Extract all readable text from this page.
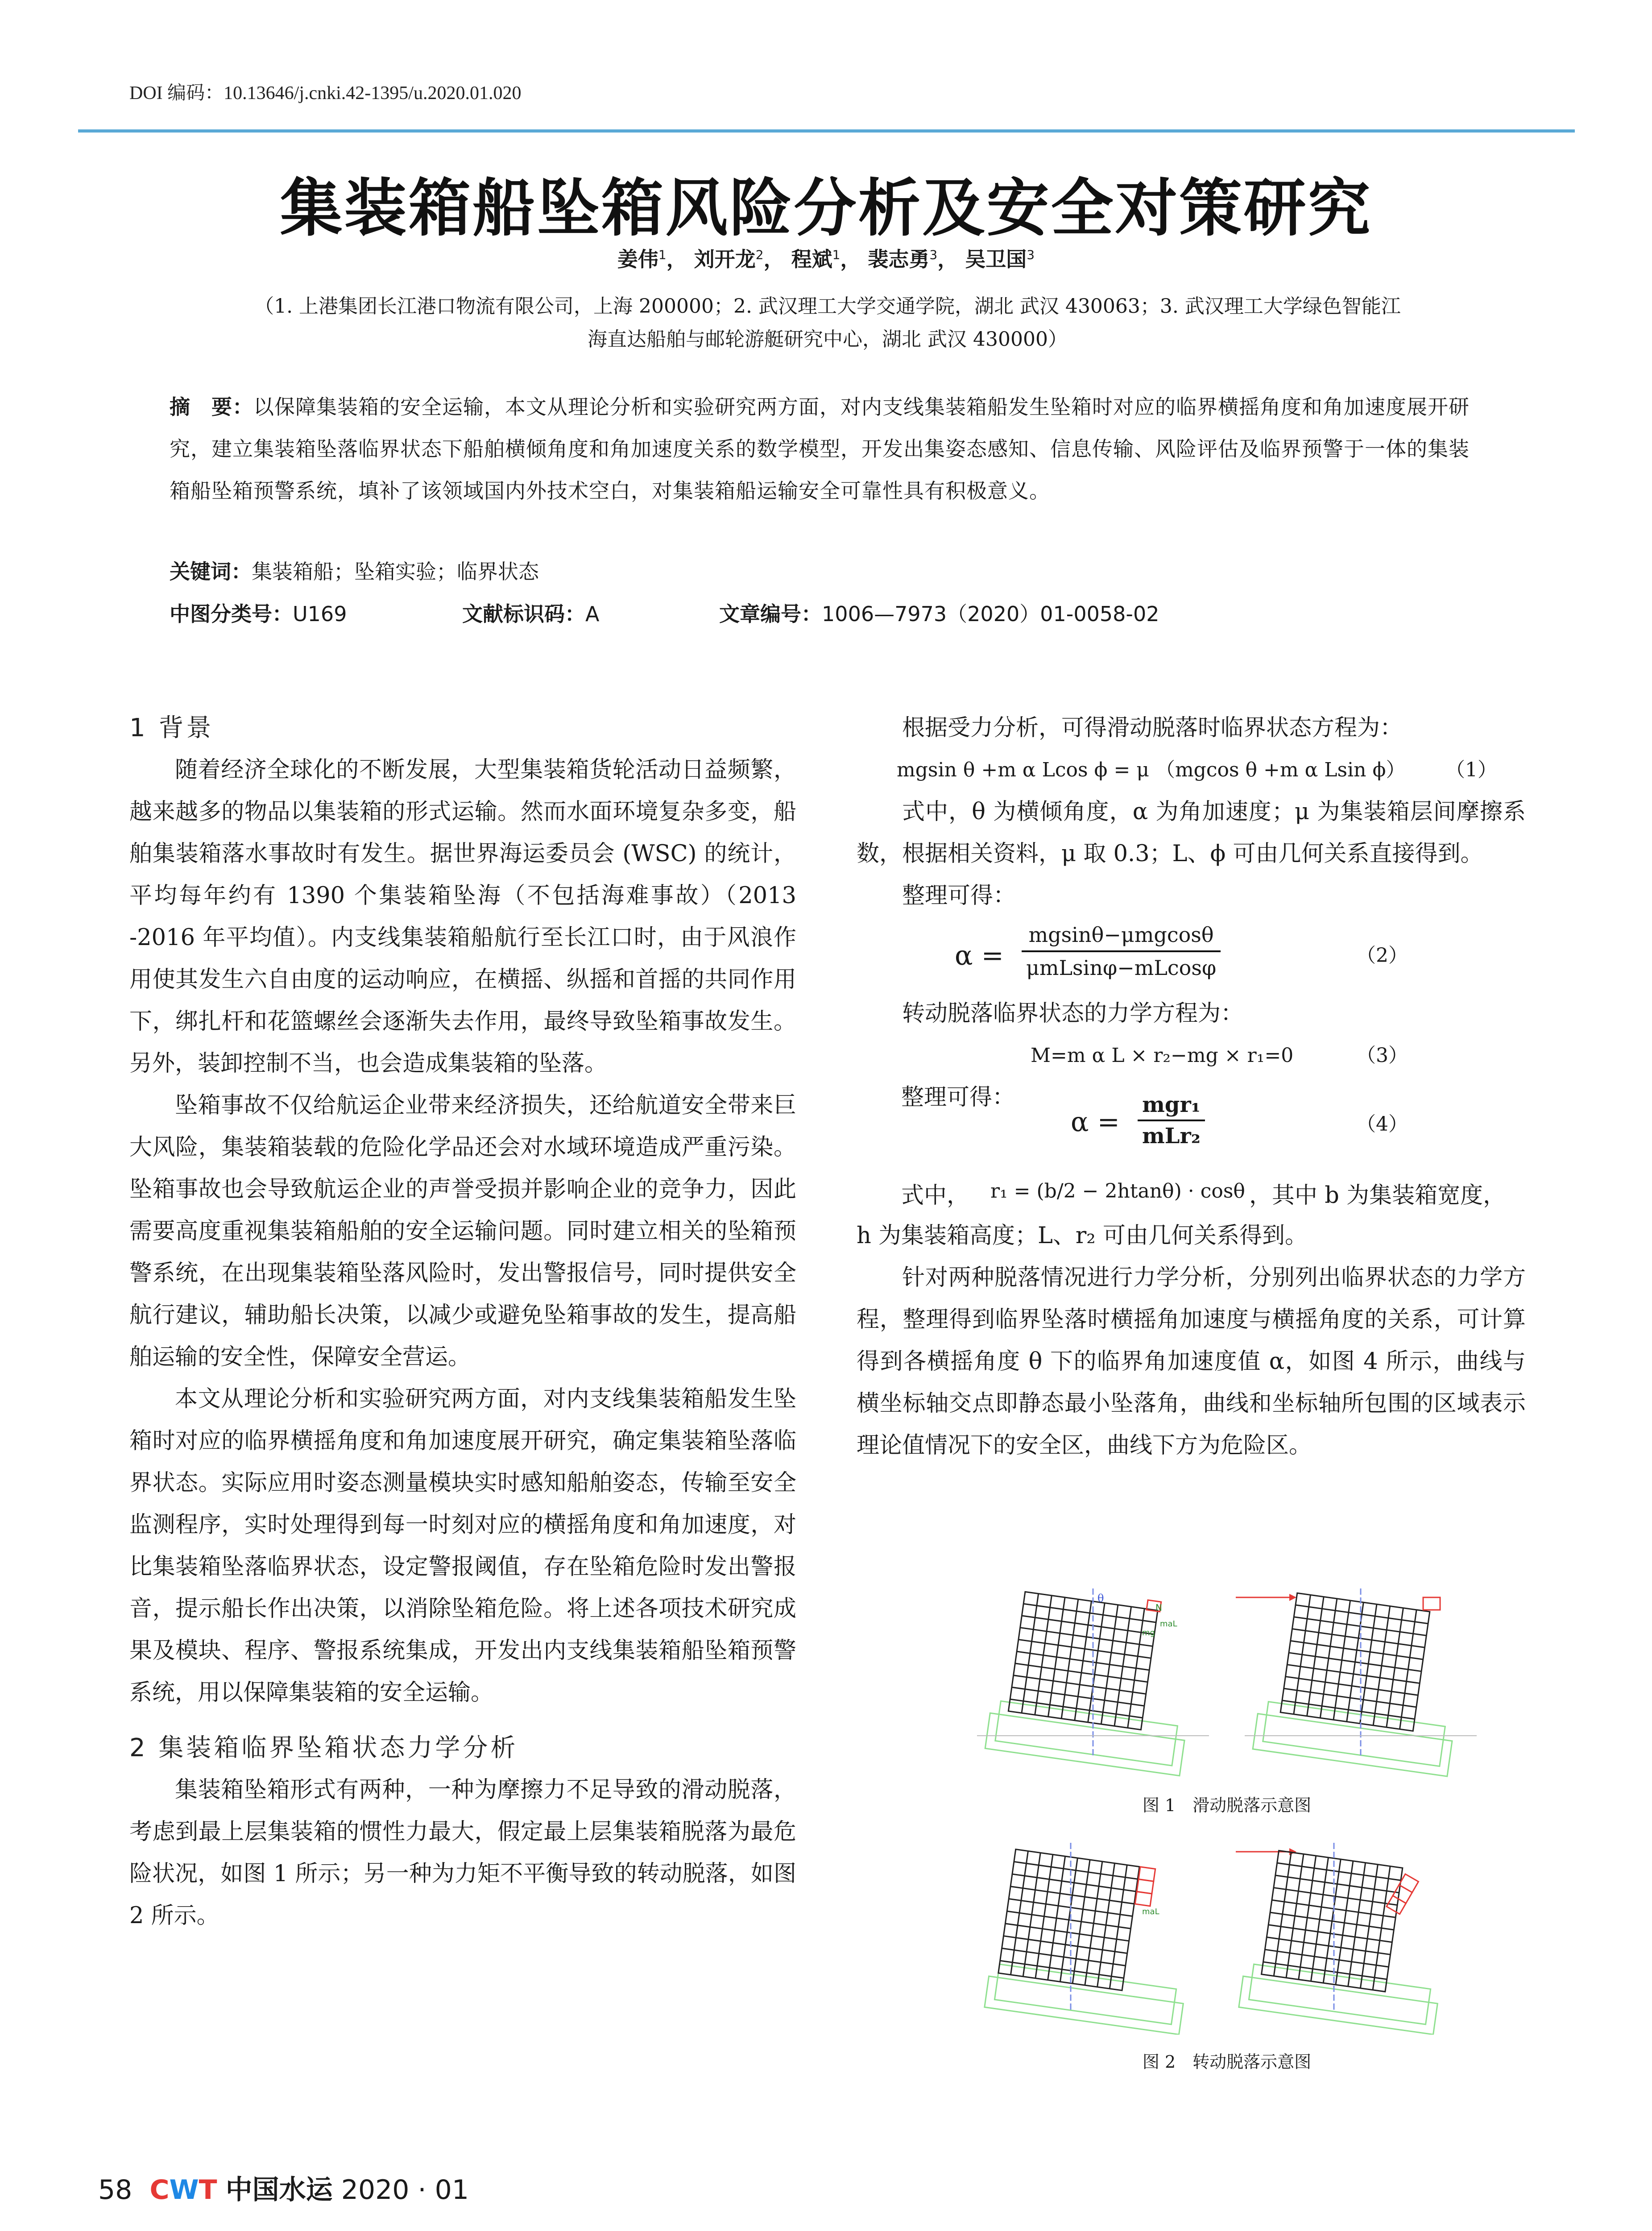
DOI 编码：10.13646/j.cnki.42-1395/u.2020.01.020
集装箱船坠箱风险分析及安全对策研究
姜伟$^1$， 刘开龙$^2$， 程斌$^1$， 裴志勇$^3$， 吴卫国$^3$
（1. 上港集团长江港口物流有限公司，上海 200000；2. 武汉理工大学交通学院，湖北 武汉 430063；3. 武汉理工大学绿色智能江
海直达船舶与邮轮游艇研究中心，湖北 武汉 430000）
摘　要：以保障集装箱的安全运输，本文从理论分析和实验研究两方面，对内支线集装箱船发生坠箱时对应的临界横摇角度和角加速度展开研究，建立集装箱坠落临界状态下船舶横倾角度和角加速度关系的数学模型，开发出集姿态感知、信息传输、风险评估及临界预警于一体的集装箱船坠箱预警系统，填补了该领域国内外技术空白，对集装箱船运输安全可靠性具有积极意义。
关键词：集装箱船；坠箱实验；临界状态
中图分类号：U169	文献标识码：A	文章编号：1006—7973（2020）01-0058-02
1 背景

随着经济全球化的不断发展，大型集装箱货轮活动日益频繁，越来越多的物品以集装箱的形式运输。然而水面环境复杂多变，船舶集装箱落水事故时有发生。据世界海运委员会 (WSC) 的统计，平均每年约有 1390 个集装箱坠海（不包括海难事故）（2013 -2016 年平均值）。内支线集装箱船航行至长江口时，由于风浪作用使其发生六自由度的运动响应，在横摇、纵摇和首摇的共同作用下，绑扎杆和花篮螺丝会逐渐失去作用，最终导致坠箱事故发生。另外，装卸控制不当，也会造成集装箱的坠落。

坠箱事故不仅给航运企业带来经济损失，还给航道安全带来巨大风险，集装箱装载的危险化学品还会对水域环境造成严重污染。坠箱事故也会导致航运企业的声誉受损并影响企业的竞争力，因此需要高度重视集装箱船舶的安全运输问题。同时建立相关的坠箱预警系统，在出现集装箱坠落风险时，发出警报信号，同时提供安全航行建议，辅助船长决策，以减少或避免坠箱事故的发生，提高船舶运输的安全性，保障安全营运。

本文从理论分析和实验研究两方面，对内支线集装箱船发生坠箱时对应的临界横摇角度和角加速度展开研究，确定集装箱坠落临界状态。实际应用时姿态测量模块实时感知船舶姿态，传输至安全监测程序，实时处理得到每一时刻对应的横摇角度和角加速度，对比集装箱坠落临界状态，设定警报阈值，存在坠箱危险时发出警报音，提示船长作出决策，以消除坠箱危险。将上述各项技术研究成果及模块、程序、警报系统集成，开发出内支线集装箱船坠箱预警系统，用以保障集装箱的安全运输。

2 集装箱临界坠箱状态力学分析

集装箱坠箱形式有两种，一种为摩擦力不足导致的滑动脱落，考虑到最上层集装箱的惯性力最大，假定最上层集装箱脱落为最危险状况，如图 1 所示；另一种为力矩不平衡导致的转动脱落，如图 2 所示。

根据受力分析，可得滑动脱落时临界状态方程为：

mgsin θ +m α Lcos ϕ = μ （mgcos θ +m α Lsin ϕ） （1）

式中，θ 为横倾角度，α 为角加速度；μ 为集装箱层间摩擦系数，根据相关资料，μ 取 0.3；L、ϕ 可由几何关系直接得到。

整理可得：

α =
mgsinθ−μmgcosθ
μmLsinφ−mLcosφ
（2）

转动脱落临界状态的力学方程为：

M=m α L × r₂−mg × r₁=0	（3）
整理可得：
α =
mgr₁
mLr₂	（4）
式中， r₁ = (b/2 − 2htanθ) · cosθ ，其中 b 为集装箱宽度，

h 为集装箱高度；L、r₂ 可由几何关系得到。

针对两种脱落情况进行力学分析，分别列出临界状态的力学方程，整理得到临界坠落时横摇角加速度与横摇角度的关系，可计算得到各横摇角度 θ 下的临界角加速度值 α，如图 4 所示，曲线与横坐标轴交点即静态最小坠落角，曲线和坐标轴所包围的区域表示理论值情况下的安全区，曲线下方为危险区。

θ
N
maL
mg
图 1　滑动脱落示意图
maL
图 2　转动脱落示意图
58 CWT 中国水运 2020 · 01
